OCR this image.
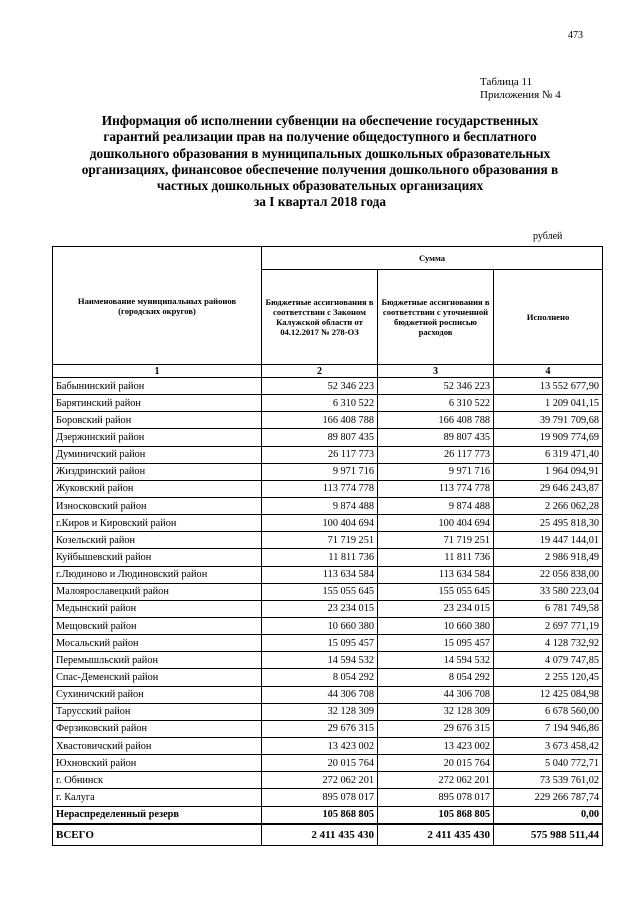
473
Таблица 11
Приложения № 4
Информация об исполнении субвенции на обеспечение государственных
гарантий реализации прав на получение общедоступного и бесплатного
дошкольного образования в муниципальных дошкольных образовательных
организациях, финансовое обеспечение получения дошкольного образования в
частных дошкольных образовательных организациях
за I квартал 2018 года
рублей
Наименование муниципальных районов (городских округов)	Сумма		
	Бюджетные ассигнования в соответствии с Законом Калужской области от 04.12.2017 № 278-ОЗ	Бюджетные ассигнования в соответствии с уточненной бюджетной росписью расходов	Исполнено
1	2	3	4
Бабынинский район	52 346 223	52 346 223	13 552 677,90
Барятинский район	6 310 522	6 310 522	1 209 041,15
Боровский район	166 408 788	166 408 788	39 791 709,68
Дзержинский район	89 807 435	89 807 435	19 909 774,69
Думиничский район	26 117 773	26 117 773	6 319 471,40
Жиздринский район	9 971 716	9 971 716	1 964 094,91
Жуковский район	113 774 778	113 774 778	29 646 243,87
Износковский район	9 874 488	9 874 488	2 266 062,28
г.Киров и Кировский район	100 404 694	100 404 694	25 495 818,30
Козельский район	71 719 251	71 719 251	19 447 144,01
Куйбышевский район	11 811 736	11 811 736	2 986 918,49
г.Людиново и Людиновский район	113 634 584	113 634 584	22 056 838,00
Малоярославецкий район	155 055 645	155 055 645	33 580 223,04
Медынский район	23 234 015	23 234 015	6 781 749,58
Мещовский район	10 660 380	10 660 380	2 697 771,19
Мосальский район	15 095 457	15 095 457	4 128 732,92
Перемышльский район	14 594 532	14 594 532	4 079 747,85
Спас-Деменский район	8 054 292	8 054 292	2 255 120,45
Сухиничский район	44 306 708	44 306 708	12 425 084,98
Тарусский район	32 128 309	32 128 309	6 678 560,00
Ферзиковский район	29 676 315	29 676 315	7 194 946,86
Хвастовичский район	13 423 002	13 423 002	3 673 458,42
Юхновский район	20 015 764	20 015 764	5 040 772,71
г. Обнинск	272 062 201	272 062 201	73 539 761,02
г. Калуга	895 078 017	895 078 017	229 266 787,74
Нераспределенный резерв	105 868 805	105 868 805	0,00
ВСЕГО	2 411 435 430	2 411 435 430	575 988 511,44
